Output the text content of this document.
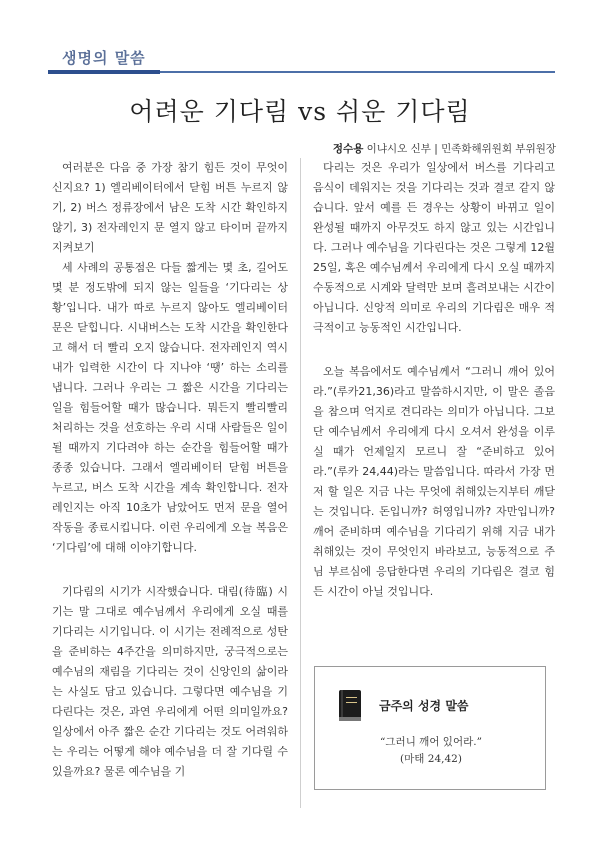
생명의 말씀
어려운 기다림 vs 쉬운 기다림
정수용 이냐시오 신부 | 민족화해위원회 부위원장

여러분은 다음 중 가장 참기 힘든 것이 무엇이신지요? 1) 엘리베이터에서 닫힘 버튼 누르지 않기, 2) 버스 정류장에서 남은 도착 시간 확인하지 않기, 3) 전자레인지 문 열지 않고 타이머 끝까지 지켜보기

세 사례의 공통점은 다들 짧게는 몇 초, 길어도 몇 분 정도밖에 되지 않는 일들을 ‘기다리는 상황’입니다. 내가 따로 누르지 않아도 엘리베이터 문은 닫힙니다. 시내버스는 도착 시간을 확인한다고 해서 더 빨리 오지 않습니다. 전자레인지 역시 내가 입력한 시간이 다 지나야 ‘땡’ 하는 소리를 냅니다. 그러나 우리는 그 짧은 시간을 기다리는 일을 힘들어할 때가 많습니다. 뭐든지 빨리빨리 처리하는 것을 선호하는 우리 시대 사람들은 일이 될 때까지 기다려야 하는 순간을 힘들어할 때가 종종 있습니다. 그래서 엘리베이터 닫힘 버튼을 누르고, 버스 도착 시간을 계속 확인합니다. 전자레인지는 아직 10초가 남았어도 먼저 문을 열어 작동을 종료시킵니다. 이런 우리에게 오늘 복음은 ‘기다림’에 대해 이야기합니다.

기다림의 시기가 시작했습니다. 대림(待臨) 시기는 말 그대로 예수님께서 우리에게 오실 때를 기다리는 시기입니다. 이 시기는 전례적으로 성탄을 준비하는 4주간을 의미하지만, 궁극적으로는 예수님의 재림을 기다리는 것이 신앙인의 삶이라는 사실도 담고 있습니다. 그렇다면 예수님을 기다린다는 것은, 과연 우리에게 어떤 의미일까요? 일상에서 아주 짧은 순간 기다리는 것도 어려워하는 우리는 어떻게 해야 예수님을 더 잘 기다릴 수 있을까요? 물론 예수님을 기

다리는 것은 우리가 일상에서 버스를 기다리고 음식이 데워지는 것을 기다리는 것과 결코 같지 않습니다. 앞서 예를 든 경우는 상황이 바뀌고 일이 완성될 때까지 아무것도 하지 않고 있는 시간입니다. 그러나 예수님을 기다린다는 것은 그렇게 12월 25일, 혹은 예수님께서 우리에게 다시 오실 때까지 수동적으로 시계와 달력만 보며 흘려보내는 시간이 아닙니다. 신앙적 의미로 우리의 기다림은 매우 적극적이고 능동적인 시간입니다.

오늘 복음에서도 예수님께서 “그러니 깨어 있어라.”(루카21,36)라고 말씀하시지만, 이 말은 졸음을 참으며 억지로 견디라는 의미가 아닙니다. 그보단 예수님께서 우리에게 다시 오셔서 완성을 이루실 때가 언제일지 모르니 잘 “준비하고 있어라.”(루카 24,44)라는 말씀입니다. 따라서 가장 먼저 할 일은 지금 나는 무엇에 취해있는지부터 깨닫는 것입니다. 돈입니까? 허영입니까? 자만입니까? 깨어 준비하며 예수님을 기다리기 위해 지금 내가 취해있는 것이 무엇인지 바라보고, 능동적으로 주님 부르심에 응답한다면 우리의 기다림은 결코 힘든 시간이 아닐 것입니다.

금주의 성경 말씀
“그러니 깨어 있어라.”
(마태 24,42)
